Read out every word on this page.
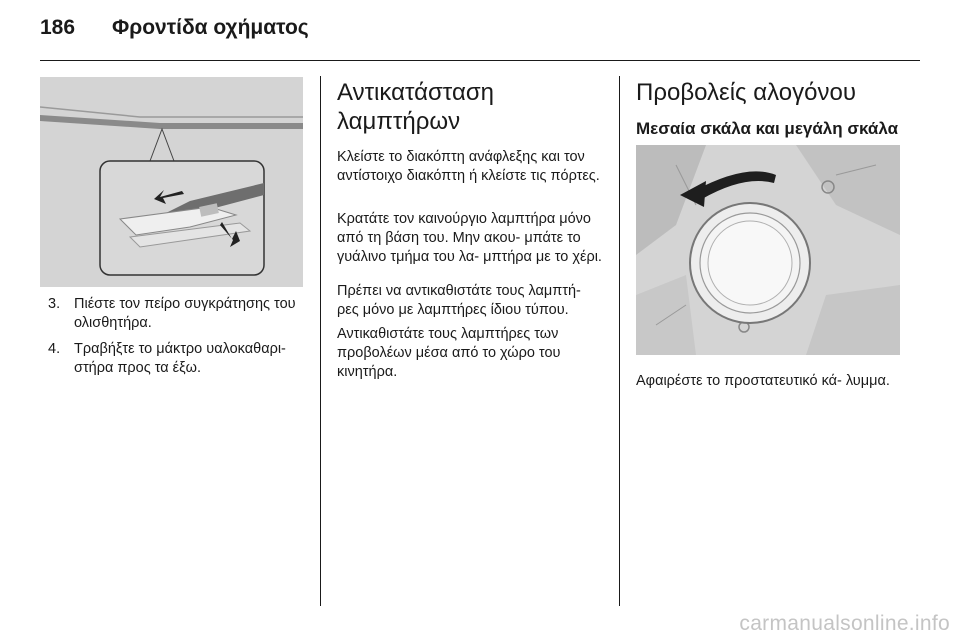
186 Φροντίδα οχήματος
3. Πιέστε τον πείρο συγκράτησης του ολισθητήρα.
4. Τραβήξτε το μάκτρο υαλοκαθαρι- στήρα προς τα έξω.
Αντικατάσταση λαμπτήρων

Κλείστε το διακόπτη ανάφλεξης και τον αντίστοιχο διακόπτη ή κλείστε τις πόρτες.

Κρατάτε τον καινούργιο λαμπτήρα μόνο από τη βάση του. Μην ακου- μπάτε το γυάλινο τμήμα του λα- μπτήρα με το χέρι.

Πρέπει να αντικαθιστάτε τους λαμπτή- ρες μόνο με λαμπτήρες ίδιου τύπου.

Αντικαθιστάτε τους λαμπτήρες των προβολέων μέσα από το χώρο του κινητήρα.

Προβολείς αλογόνου
Μεσαία σκάλα και μεγάλη σκάλα

Αφαιρέστε το προστατευτικό κά- λυμμα.

carmanualsonline.info
